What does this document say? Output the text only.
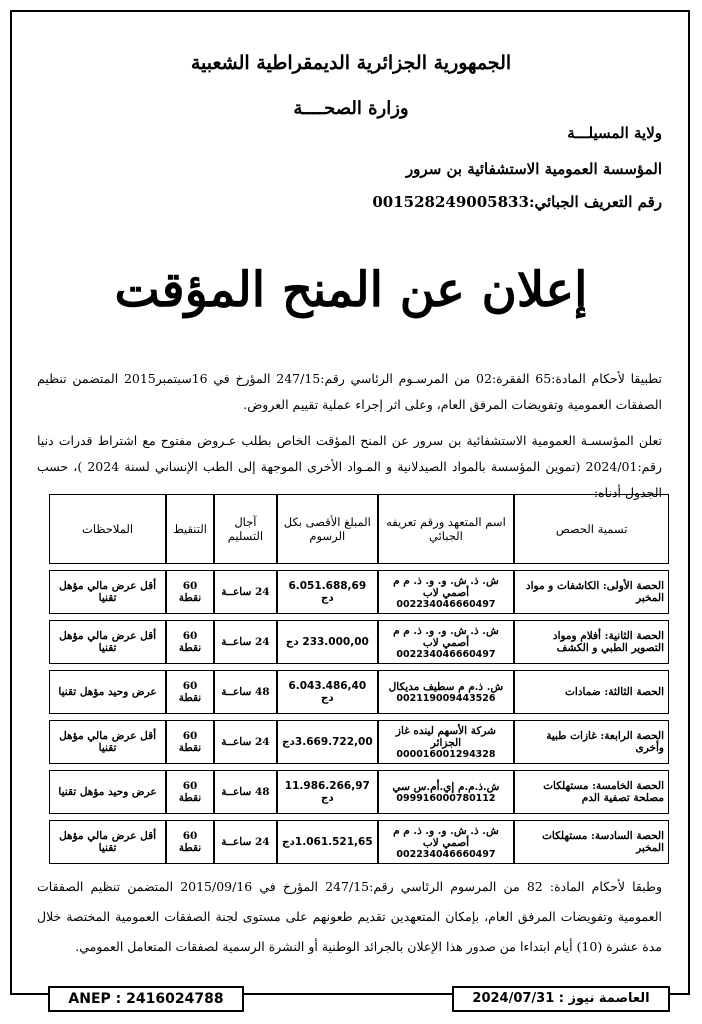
الجمهورية الجزائرية الديمقراطية الشعبية
وزارة الصحــــة
ولاية المسيلـــة
المؤسسة العمومية الاستشفائية بن سرور
رقم التعريف الجبائي:001528249005833
إعلان عن المنح المؤقت
تطبيقا لأحكام المادة:65 الفقرة:02 من المرسـوم الرئاسي رقم:247/15 المؤرخ في 16سبتمبر2015 المتضمن تنظيم الصفقات العمومية وتفويضات المرفق العام، وعلى اثر إجراء عملية تقييم العروض.
تعلن المؤسسـة العمومية الاستشفائية بن سرور عن المنح المؤقت الخاص بطلب عـروض مفتوح مع اشتراط قدرات دنيا رقم:2024/01 (تموين المؤسسة بالمواد الصيدلانية و المـواد الأخرى الموجهة إلى الطب الإنساني لسنة 2024 )، حسب الجدول أدناه:
تسمية الحصص	اسم المتعهد ورقم تعريفه الجبائي	المبلغ الأقصى بكل الرسوم	آجال التسليم	التنقيط	الملاحظات
الحصة الأولى: الكاشفات و مواد المخبر	ش. ذ. ش. و. و. ذ. م م أصمي لاب
002234046660497	6.051.688,69 دج	24 ساعــة	60 نقطة	أقل عرض مالي مؤهل تقنيا
الحصة الثانية: أفلام ومواد التصوير الطبي و الكشف	ش. ذ. ش. و. و. ذ. م م أصمي لاب
002234046660497	233.000,00 دج	24 ساعــة	60 نقطة	أقل عرض مالي مؤهل تقنيا
الحصة الثالثة: ضمادات	ش. ذ.م م سطيف مديكال
002119009443526	6.043.486,40 دج	48 ساعــة	60 نقطة	عرض وحيد مؤهل تقنيا
الحصة الرابعة: غازات طبية وأخرى	شركة الأسهم لينده غاز الجزائر
000016001294328	3.669.722,00دج	24 ساعــة	60 نقطة	أقل عرض مالي مؤهل تقنيا
الحصة الخامسة: مستهلكات مصلحة تصفية الدم	ش.ذ.م.م إي.أم.س سي
099916000780112	11.986.266,97 دج	48 ساعــة	60 نقطة	عرض وحيد مؤهل تقنيا
الحصة السادسة: مستهلكات المخبر	ش. ذ. ش. و. و. ذ. م م أصمي لاب
002234046660497	1.061.521,65دج	24 ساعــة	60 نقطة	أقل عرض مالي مؤهل تقنيا
وطبقا لأحكام المادة: 82 من المرسوم الرئاسي رقم:247/15 المؤرخ في 2015/09/16 المتضمن تنظيم الصفقات العمومية وتفويضات المرفق العام، بإمكان المتعهدين تقديم طعونهم على مستوى لجنة الصفقات العمومية المختصة خلال مدة عشرة (10) أيام ابتداءا من صدور هذا الإعلان بالجرائد الوطنية أو النشرة الرسمية لصفقات المتعامل العمومي.
ANEP : 2416024788	العاصمة نيوز : 2024/07/31
